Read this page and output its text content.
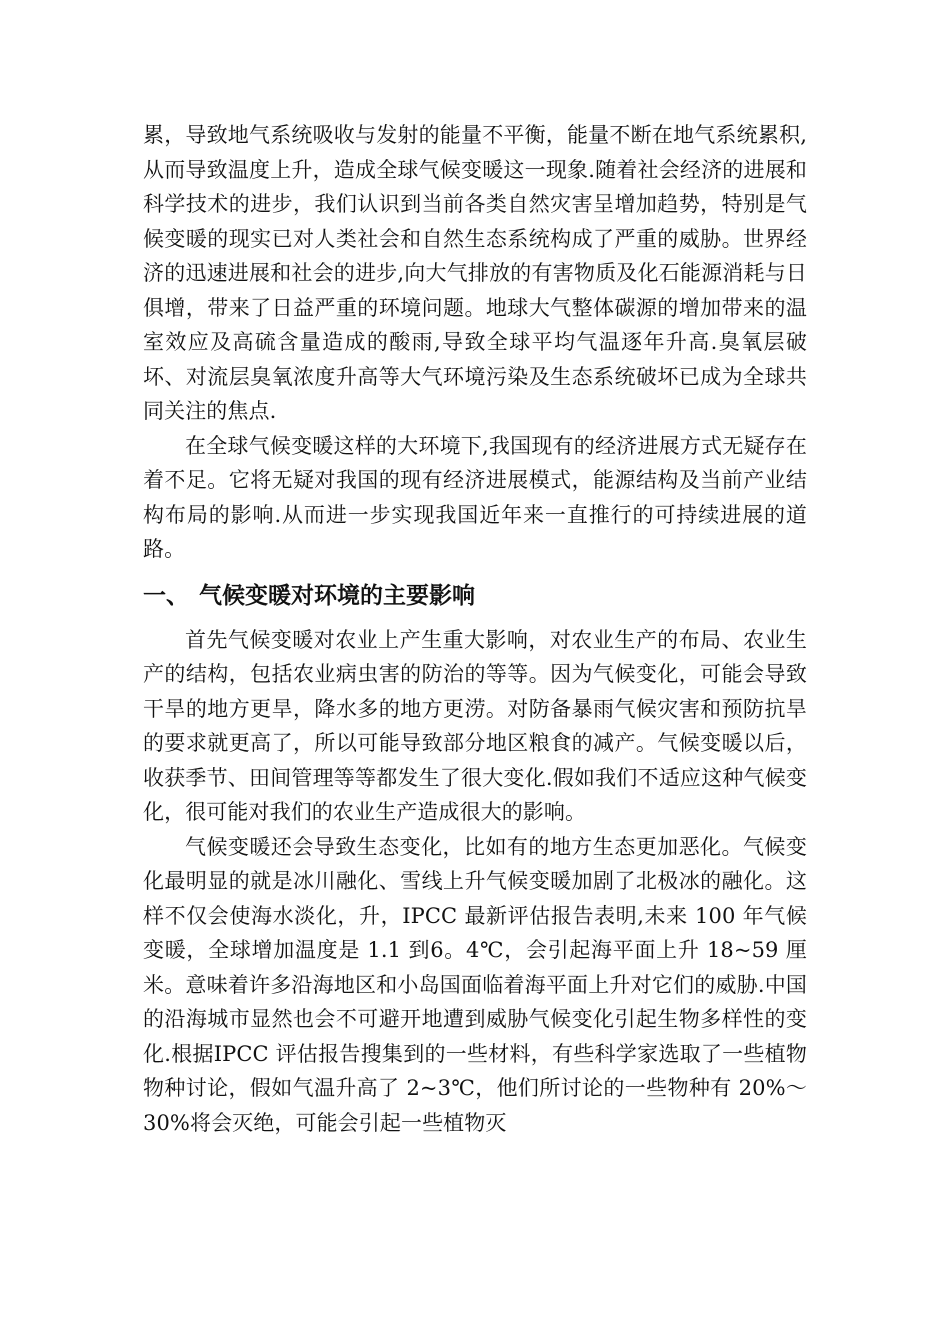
累，导致地气系统吸收与发射的能量不平衡，能量不断在地气系统累积,从而导致温度上升，造成全球气候变暖这一现象.随着社会经济的进展和科学技术的进步，我们认识到当前各类自然灾害呈增加趋势，特别是气候变暖的现实已对人类社会和自然生态系统构成了严重的威胁。世界经济的迅速进展和社会的进步,向大气排放的有害物质及化石能源消耗与日俱增，带来了日益严重的环境问题。地球大气整体碳源的增加带来的温室效应及高硫含量造成的酸雨,导致全球平均气温逐年升高.臭氧层破坏、对流层臭氧浓度升高等大气环境污染及生态系统破坏已成为全球共同关注的焦点.

在全球气候变暖这样的大环境下,我国现有的经济进展方式无疑存在着不足。它将无疑对我国的现有经济进展模式，能源结构及当前产业结构布局的影响.从而进一步实现我国近年来一直推行的可持续进展的道路。

一、 气候变暖对环境的主要影响

首先气候变暖对农业上产生重大影响，对农业生产的布局、农业生产的结构，包括农业病虫害的防治的等等。因为气候变化，可能会导致干旱的地方更旱，降水多的地方更涝。对防备暴雨气候灾害和预防抗旱的要求就更高了，所以可能导致部分地区粮食的减产。气候变暖以后，收获季节、田间管理等等都发生了很大变化.假如我们不适应这种气候变化，很可能对我们的农业生产造成很大的影响。

气候变暖还会导致生态变化，比如有的地方生态更加恶化。气候变化最明显的就是冰川融化、雪线上升气候变暖加剧了北极冰的融化。这样不仅会使海水淡化，升，IPCC 最新评估报告表明,未来 100 年气候变暖，全球增加温度是 1.1 到6。4℃，会引起海平面上升 18~59 厘米。意味着许多沿海地区和小岛国面临着海平面上升对它们的威胁.中国的沿海城市显然也会不可避开地遭到威胁气候变化引起生物多样性的变化.根据IPCC 评估报告搜集到的一些材料，有些科学家选取了一些植物物种讨论，假如气温升高了 2~3℃，他们所讨论的一些物种有 20%～30%将会灭绝，可能会引起一些植物灭
